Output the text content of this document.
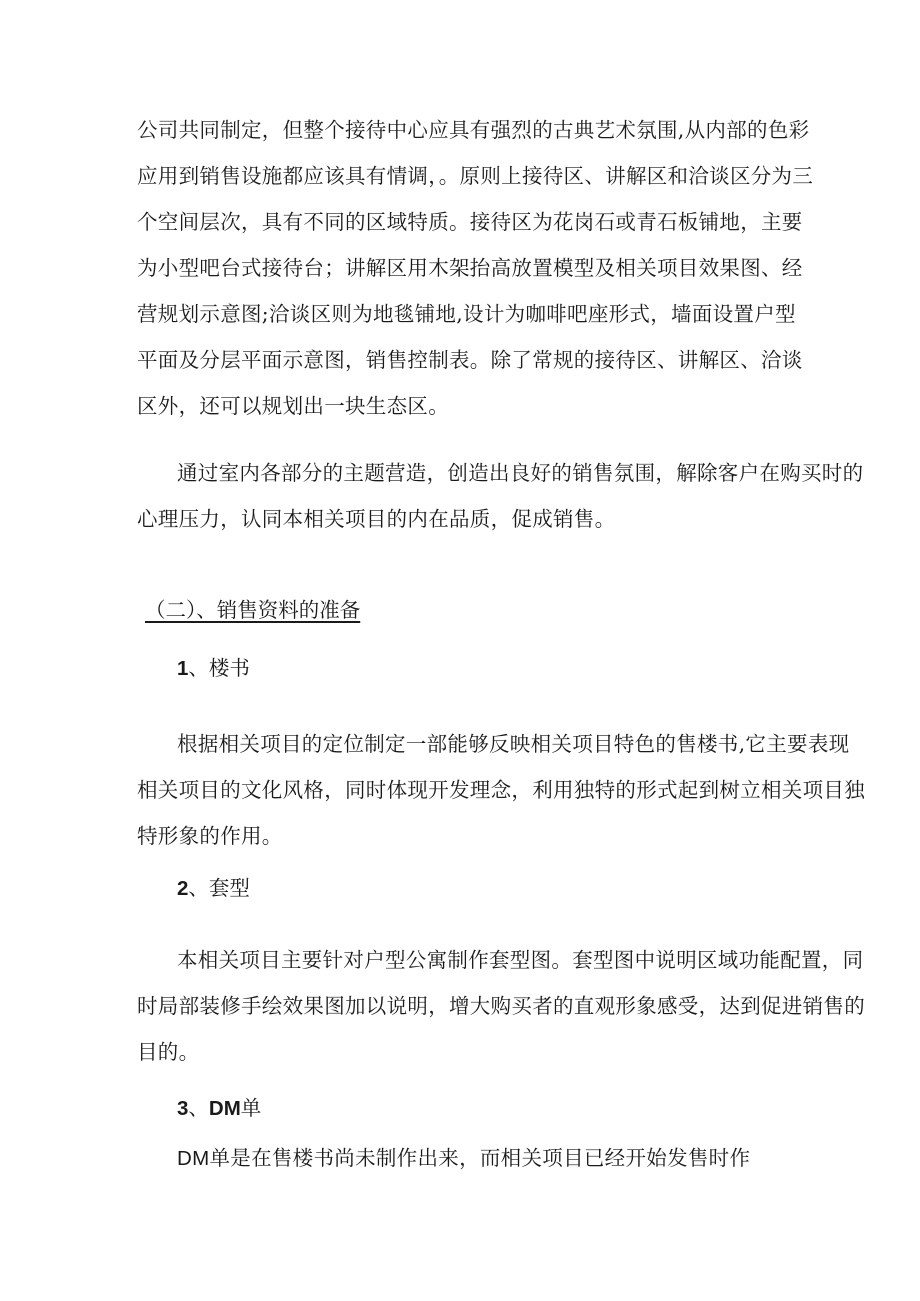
公司共同制定，但整个接待中心应具有强烈的古典艺术氛围,从内部的色彩
应用到销售设施都应该具有情调，。原则上接待区、讲解区和洽谈区分为三
个空间层次，具有不同的区域特质。接待区为花岗石或青石板铺地，主要
为小型吧台式接待台；讲解区用木架抬高放置模型及相关项目效果图、经
营规划示意图;洽谈区则为地毯铺地,设计为咖啡吧座形式，墙面设置户型
平面及分层平面示意图，销售控制表。除了常规的接待区、讲解区、洽谈
区外，还可以规划出一块生态区。
通过室内各部分的主题营造，创造出良好的销售氛围，解除客户在购买时的
心理压力，认同本相关项目的内在品质，促成销售。
（二）、销售资料的准备
1、楼书
根据相关项目的定位制定一部能够反映相关项目特色的售楼书,它主要表现
相关项目的文化风格，同时体现开发理念，利用独特的形式起到树立相关项目独
特形象的作用。
2、套型
本相关项目主要针对户型公寓制作套型图。套型图中说明区域功能配置，同
时局部装修手绘效果图加以说明，增大购买者的直观形象感受，达到促进销售的
目的。
3、DM单
DM单是在售楼书尚未制作出来，而相关项目已经开始发售时作
